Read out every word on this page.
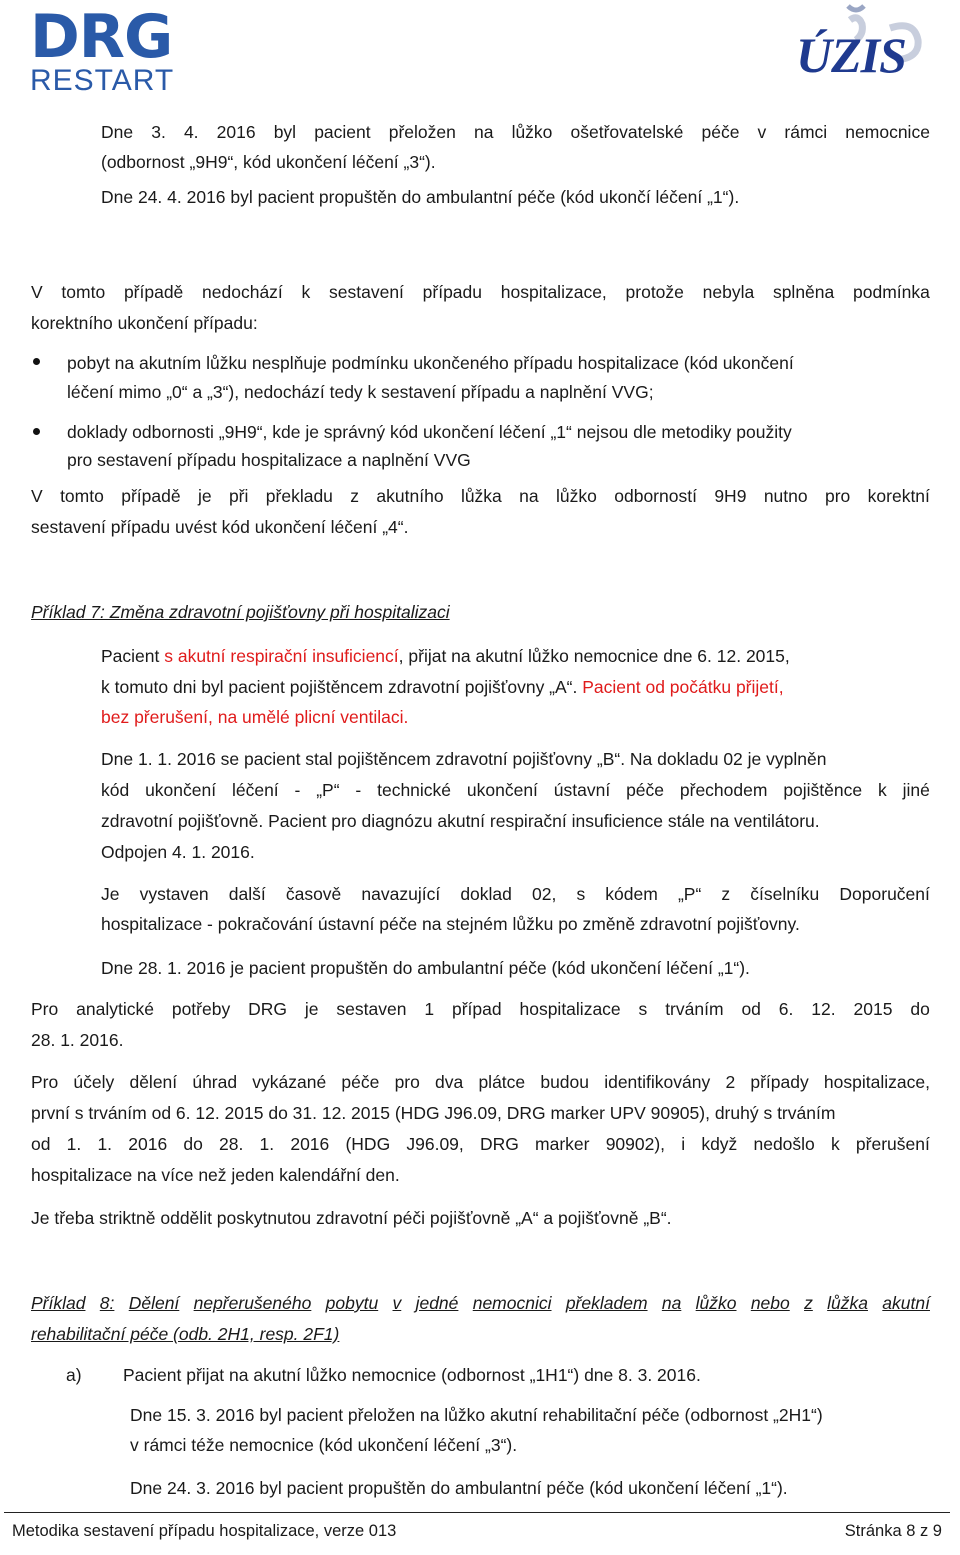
DRG
RESTART	ÚZIS
Dne 3. 4. 2016 byl pacient přeložen na lůžko ošetřovatelské péče v rámci nemocnice
(odbornost „9H9“, kód ukončení léčení „3“).
Dne 24. 4. 2016 byl pacient propuštěn do ambulantní péče (kód ukončí léčení „1“).
V tomto případě nedochází k sestavení případu hospitalizace, protože nebyla splněna podmínka
korektního ukončení případu:
pobyt na akutním lůžku nesplňuje podmínku ukončeného případu hospitalizace (kód ukončení
léčení mimo „0“ a „3“), nedochází tedy k sestavení případu a naplnění VVG;
doklady odbornosti „9H9“, kde je správný kód ukončení léčení „1“ nejsou dle metodiky použity
pro sestavení případu hospitalizace a naplnění VVG
V tomto případě je při překladu z akutního lůžka na lůžko odborností 9H9 nutno pro korektní
sestavení případu uvést kód ukončení léčení „4“.
Příklad 7: Změna zdravotní pojišťovny při hospitalizaci
Pacient s akutní respirační insuficiencí, přijat na akutní lůžko nemocnice dne 6. 12. 2015,
k tomuto dni byl pacient pojištěncem zdravotní pojišťovny „A“. Pacient od počátku přijetí,
bez přerušení, na umělé plicní ventilaci.
Dne 1. 1. 2016 se pacient stal pojištěncem zdravotní pojišťovny „B“. Na dokladu 02 je vyplněn
kód ukončení léčení - „P“ - technické ukončení ústavní péče přechodem pojištěnce k jiné
zdravotní pojišťovně. Pacient pro diagnózu akutní respirační insuficience stále na ventilátoru.
Odpojen 4. 1. 2016.
Je vystaven další časově navazující doklad 02, s kódem „P“ z číselníku Doporučení
hospitalizace - pokračování ústavní péče na stejném lůžku po změně zdravotní pojišťovny.
Dne 28. 1. 2016 je pacient propuštěn do ambulantní péče (kód ukončení léčení „1“).
Pro analytické potřeby DRG je sestaven 1 případ hospitalizace s trváním od 6. 12. 2015 do
28. 1. 2016.
Pro účely dělení úhrad vykázané péče pro dva plátce budou identifikovány 2 případy hospitalizace,
první s trváním od 6. 12. 2015 do 31. 12. 2015 (HDG J96.09, DRG marker UPV 90905), druhý s trváním
od 1. 1. 2016 do 28. 1. 2016 (HDG J96.09, DRG marker 90902), i když nedošlo k přerušení
hospitalizace na více než jeden kalendářní den.
Je třeba striktně oddělit poskytnutou zdravotní péči pojišťovně „A“ a pojišťovně „B“.
Příklad 8: Dělení nepřerušeného pobytu v jedné nemocnici překladem na lůžko nebo z lůžka akutní
rehabilitační péče (odb. 2H1, resp. 2F1)
a) Pacient přijat na akutní lůžko nemocnice (odbornost „1H1“) dne 8. 3. 2016.
Dne 15. 3. 2016 byl pacient přeložen na lůžko akutní rehabilitační péče (odbornost „2H1“)
v rámci téže nemocnice (kód ukončení léčení „3“).
Dne 24. 3. 2016 byl pacient propuštěn do ambulantní péče (kód ukončení léčení „1“).
Metodika sestavení případu hospitalizace, verze 013	Stránka 8 z 9
